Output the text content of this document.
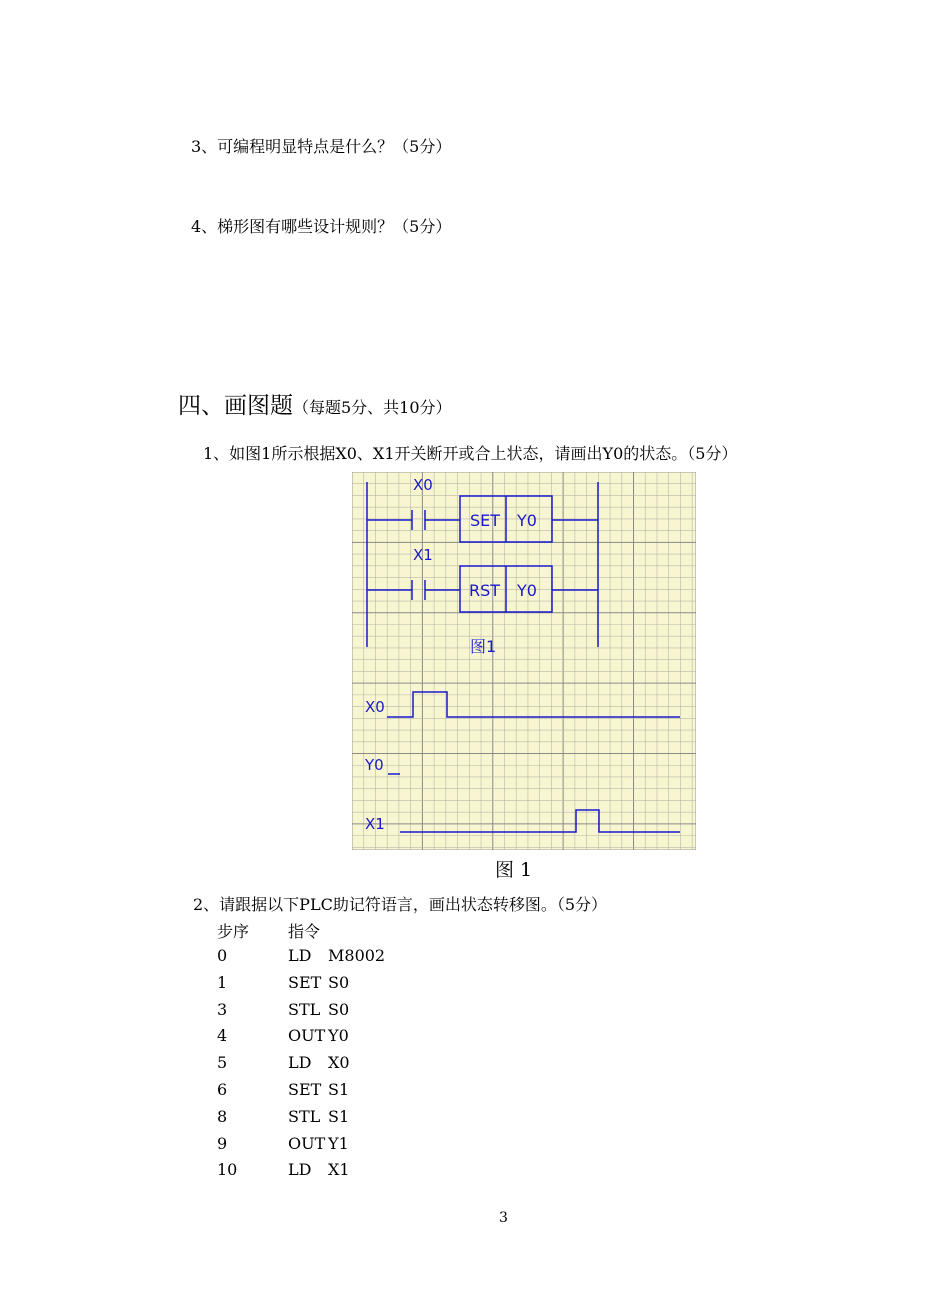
3、可编程明显特点是什么？（5分）
4、梯形图有哪些设计规则？（5分）
四、画图题（每题5分、共10分）
1、如图1所示根据X0、X1开关断开或合上状态，请画出Y0的状态。（5分）
X0
X1
SET Y0
RST Y0
图1
X0
Y0
X1
图 1
2、请跟据以下PLC助记符语言，画出状态转移图。（5分）
步序 指令
0	LD M8002
1	SET S0
3	STL S0
4	OUT Y0
5	LD X0
6	SET S1
8	STL S1
9	OUT Y1
10	LD X1
3
